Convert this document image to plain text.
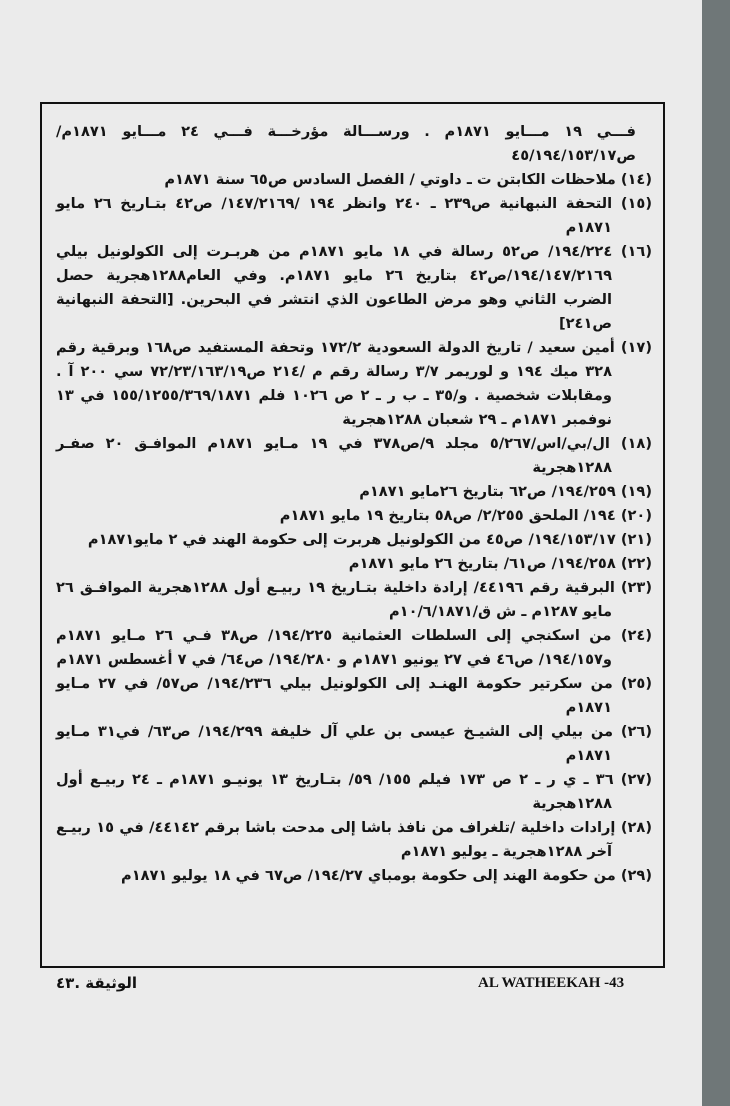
فـــي ١٩ مـــايو ١٨٧١م . ورســـالة مؤرخـــة فـــي ٢٤ مـــايو ١٨٧١م/ ص٤٥/١٩٤/١٥٣/١٧

(١٤) ملاحظات الكابتن ت ـ داوتي / الفصل السادس ص٦٥ سنة ١٨٧١م

(١٥) التحفة النبهانية ص٢٣٩ ـ ٢٤٠ وانظر ١٩٤ /١٤٧/٢١٦٩/ ص٤٢ بتـاريخ ٢٦ مايو ١٨٧١م

(١٦) ١٩٤/٢٢٤/ ص٥٢ رسالة في ١٨ مايو ١٨٧١م من هربـرت إلى الكولونيل بيلي ١٩٤/١٤٧/٢١٦٩/ص٤٢ بتاريخ ٢٦ مايو ١٨٧١م. وفي العام١٢٨٨هجرية حصل الضرب الثاني وهو مرض الطاعون الذي انتشر في البحرين. [التحفة النبهانية ص٢٤١]

(١٧) أمين سعيد / تاريخ الدولة السعودية ١٧٢/٢ وتحفة المستفيد ص١٦٨ وبرقية رقم ٣٢٨ ميك ١٩٤ و لوريمر ٣/٧ رسالة رقم م /٢١٤ ص٧٢/٢٣/١٦٣/١٩ سي ٢٠٠ آ . ومقابلات شخصية . و/٣٥ ـ ب ر ـ ٢ ص ١٠٢٦ فلم ١٥٥/١٢٥٥/٣٦٩/١٨٧١ في ١٣ نوفمبر ١٨٧١م ـ ٢٩ شعبان ١٢٨٨هجرية

(١٨) ال/بي/اس/٥/٢٦٧ مجلد ٩/ص٣٧٨ في ١٩ مـايو ١٨٧١م الموافـق ٢٠ صفـر ١٢٨٨هجرية

(١٩) ١٩٤/٢٥٩/ ص٦٢ بتاريخ ٢٦مايو ١٨٧١م

(٢٠) ١٩٤/ الملحق ٢/٢٥٥/ ص٥٨ بتاريخ ١٩ مايو ١٨٧١م

(٢١) ١٩٤/١٥٣/١٧/ ص٤٥ من الكولونيل هربرت إلى حكومة الهند في ٢ مايو١٨٧١م

(٢٢) ١٩٤/٢٥٨/ ص٦١/ بتاريخ ٢٦ مايو ١٨٧١م

(٢٣) البرقية رقم ٤٤١٩٦/ إرادة داخلية بتـاريخ ١٩ ربيـع أول ١٢٨٨هجرية الموافـق ٢٦ مايو ١٢٨٧م ـ ش ق/١٠/٦/١٨٧١م

(٢٤) من اسكنجي إلى السلطات العثمانية ١٩٤/٢٢٥/ ص٣٨ فـي ٢٦ مـايو ١٨٧١م و١٩٤/١٥٧/ ص٤٦ في ٢٧ يونيو ١٨٧١م و ١٩٤/٢٨٠/ ص٦٤/ في ٧ أغسطس ١٨٧١م

(٢٥) من سكرتير حكومة الهنـد إلى الكولونيل بيلي ١٩٤/٢٣٦/ ص٥٧/ في ٢٧ مـايو ١٨٧١م

(٢٦) من بيلي إلى الشيـخ عيسى بن علي آل خليفة ١٩٤/٢٩٩/ ص٦٣/ في٣١ مـايو ١٨٧١م

(٢٧) ٣٦ ـ ي ر ـ ٢ ص ١٧٣ فيلم ١٥٥/ ٥٩/ بتـاريخ ١٣ يونيـو ١٨٧١م ـ ٢٤ ربيـع أول ١٢٨٨هجرية

(٢٨) إرادات داخلية /تلغراف من نافذ باشا إلى مدحت باشا برقم ٤٤١٤٢/ في ١٥ ربيـع آخر ١٢٨٨هجرية ـ يوليو ١٨٧١م

(٢٩) من حكومة الهند إلى حكومة بومباي ١٩٤/٢٧/ ص٦٧ في ١٨ يوليو ١٨٧١م

AL WATHEEKAH -43
الوثيقة .٤٣
